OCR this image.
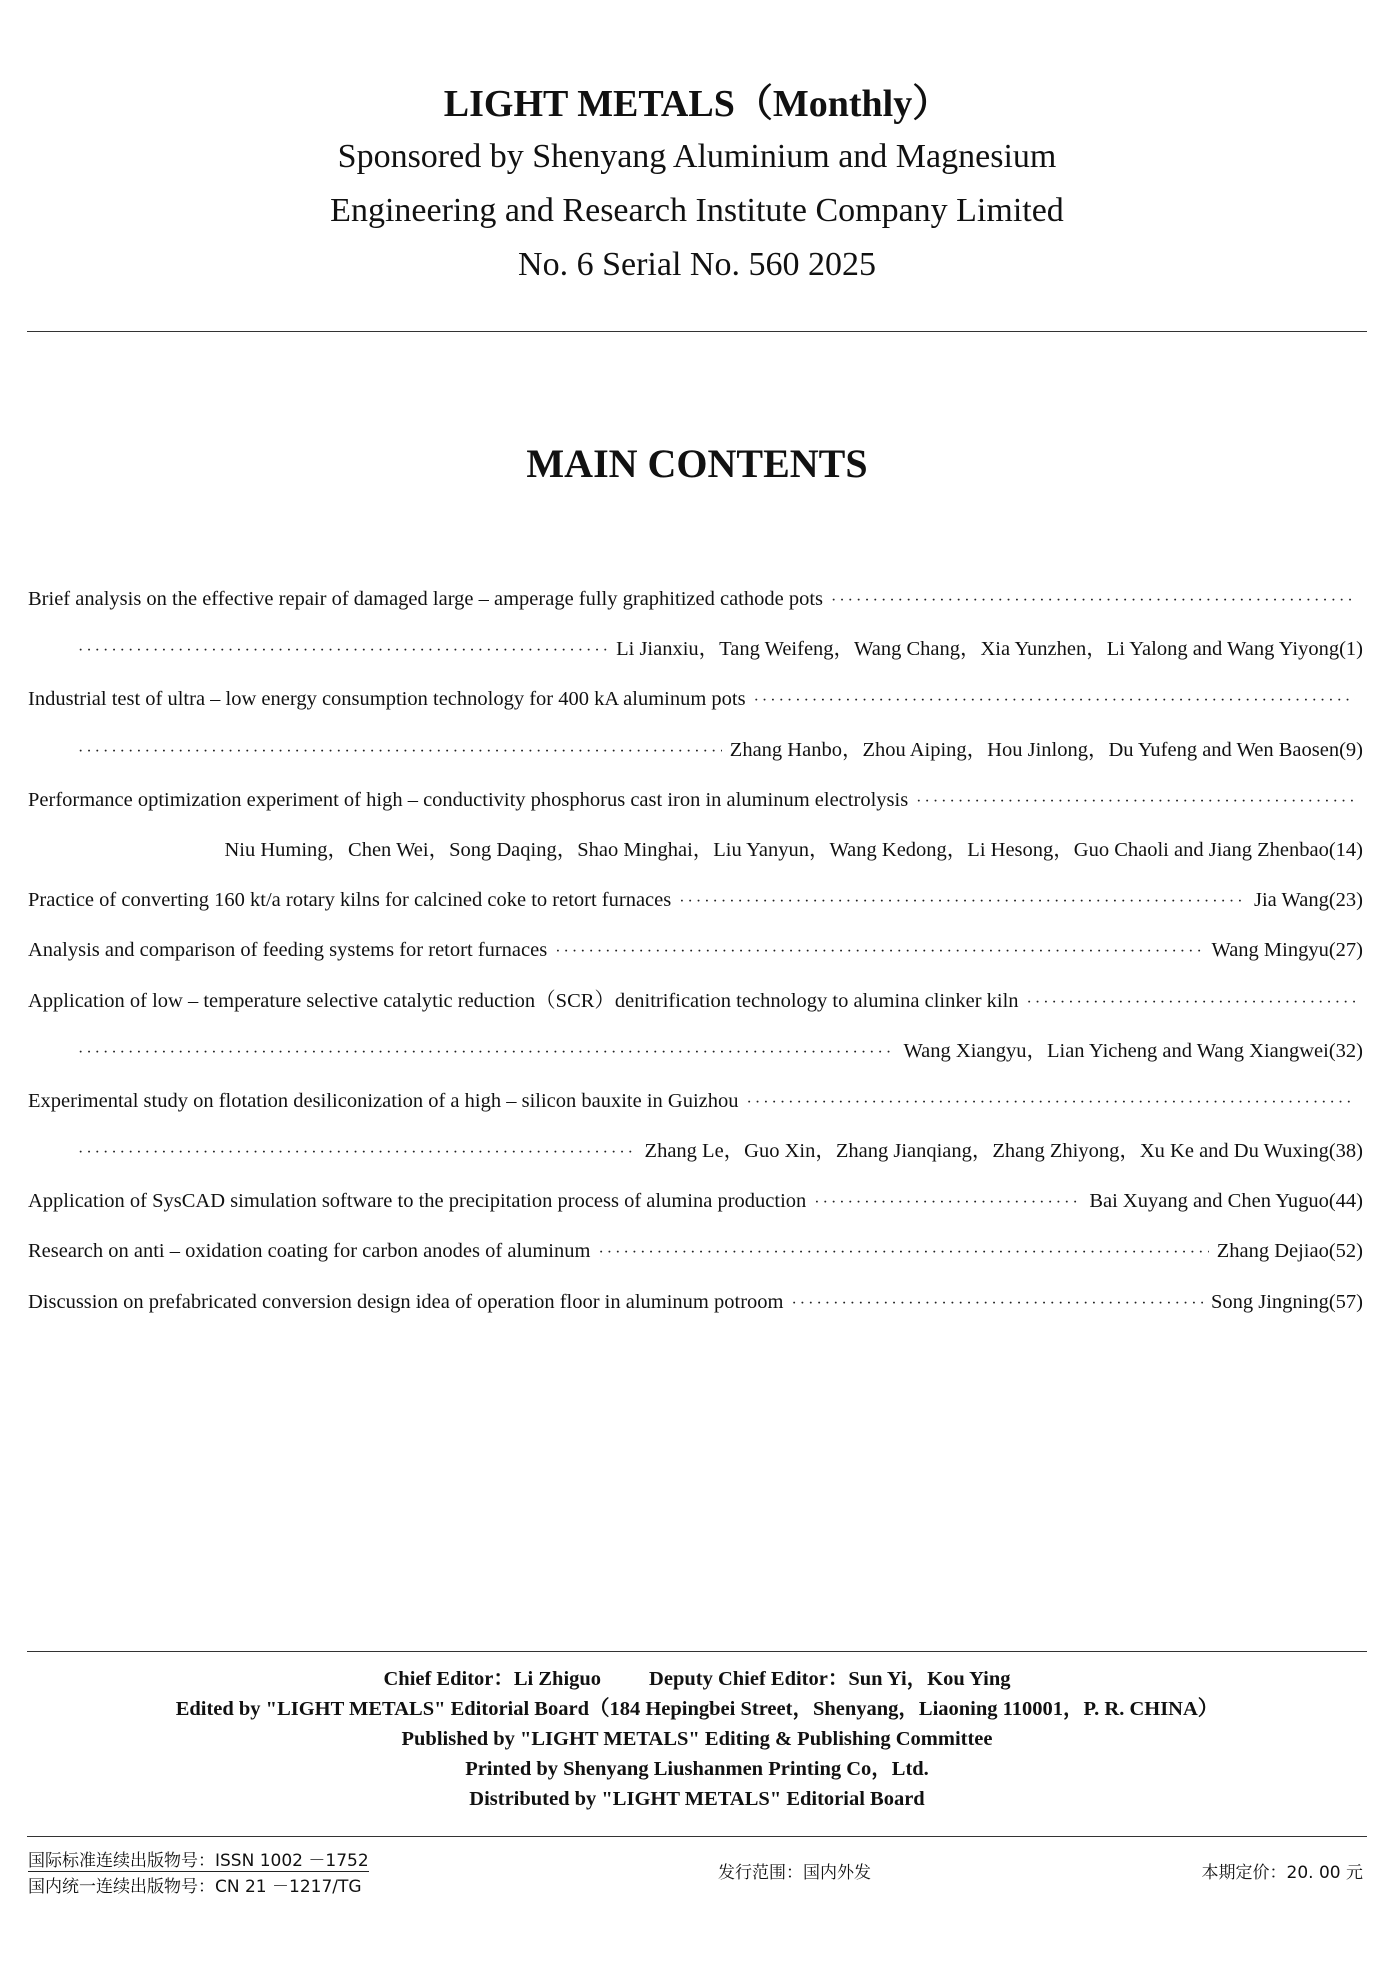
LIGHT METALS（Monthly）
Sponsored by Shenyang Aluminium and Magnesium
Engineering and Research Institute Company Limited
No. 6 Serial No. 560 2025
MAIN CONTENTS
Brief analysis on the effective repair of damaged large – amperage fully graphitized cathode pots
·····
·····
Li Jianxiu，Tang Weifeng，Wang Chang，Xia Yunzhen，Li Yalong and Wang Yiyong(1)
Industrial test of ultra – low energy consumption technology for 400 kA aluminum pots
·····
·····
Zhang Hanbo，Zhou Aiping，Hou Jinlong，Du Yufeng and Wen Baosen(9)
Performance optimization experiment of high – conductivity phosphorus cast iron in aluminum electrolysis
·····
Niu Huming，Chen Wei，Song Daqing，Shao Minghai，Liu Yanyun，Wang Kedong，Li Hesong，Guo Chaoli and Jiang Zhenbao(14)
Practice of converting 160 kt/a rotary kilns for calcined coke to retort furnaces ·····	Jia Wang(23)
Analysis and comparison of feeding systems for retort furnaces ·····	Wang Mingyu(27)
Application of low – temperature selective catalytic reduction（SCR）denitrification technology to alumina clinker kiln
·····
·····
Wang Xiangyu，Lian Yicheng and Wang Xiangwei(32)
Experimental study on flotation desiliconization of a high – silicon bauxite in Guizhou
·····
·····
Zhang Le，Guo Xin，Zhang Jianqiang，Zhang Zhiyong，Xu Ke and Du Wuxing(38)
Application of SysCAD simulation software to the precipitation process of alumina production ·····	Bai Xuyang and Chen Yuguo(44)
Research on anti – oxidation coating for carbon anodes of aluminum ·····	Zhang Dejiao(52)
Discussion on prefabricated conversion design idea of operation floor in aluminum potroom ·····	Song Jingning(57)
Chief Editor：Li Zhiguo Deputy Chief Editor：Sun Yi，Kou Ying
Edited by "LIGHT METALS" Editorial Board（184 Hepingbei Street，Shenyang，Liaoning 110001，P. R. CHINA）
Published by "LIGHT METALS" Editing & Publishing Committee
Printed by Shenyang Liushanmen Printing Co，Ltd.
Distributed by "LIGHT METALS" Editorial Board
国际标准连续出版物号：ISSN 1002 －1752
国内统一连续出版物号：CN 21 －1217/TG
发行范围：国内外发	本期定价：20. 00 元
